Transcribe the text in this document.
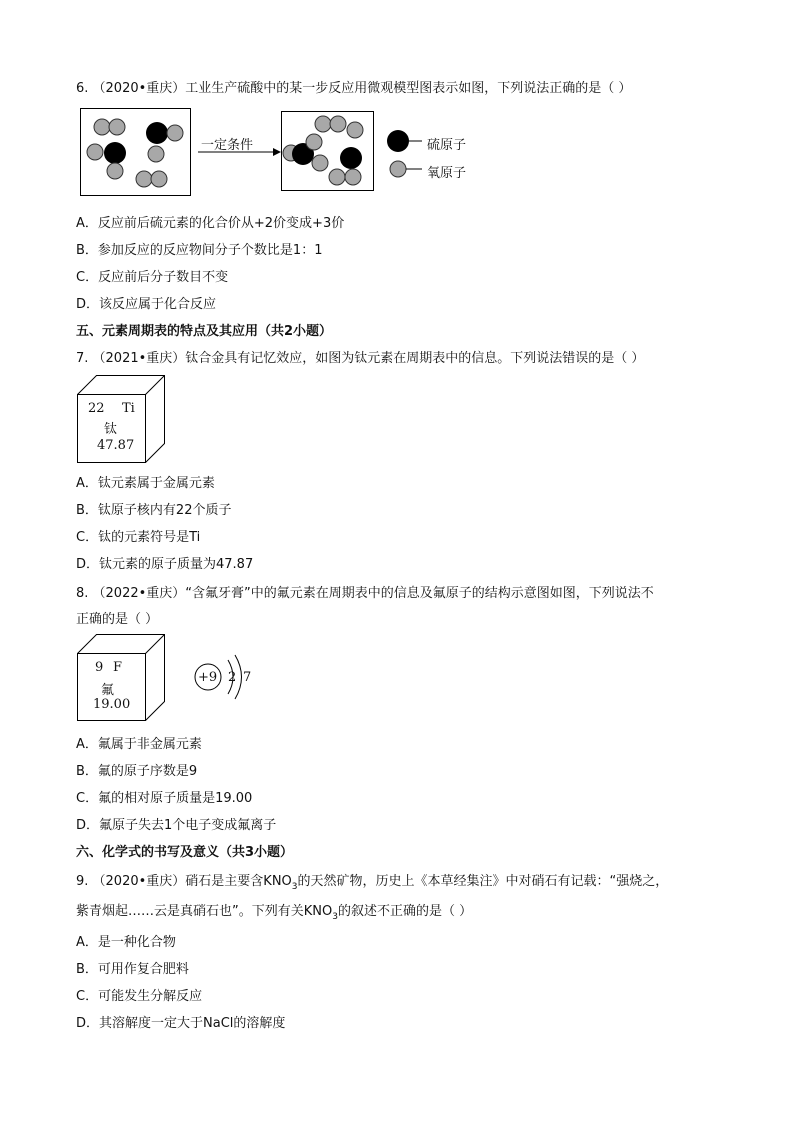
6. （2020•重庆）工业生产硫酸中的某一步反应用微观模型图表示如图，下列说法正确的是（ ）
一定条件	硫原子
氧原子
A．反应前后硫元素的化合价从+2价变成+3价
B．参加反应的反应物间分子个数比是1：1
C．反应前后分子数目不变
D．该反应属于化合反应
五、元素周期表的特点及其应用（共2小题）
7. （2021•重庆）钛合金具有记忆效应，如图为钛元素在周期表中的信息。下列说法错误的是（ ）
22 Ti
钛
47.87
A．钛元素属于金属元素
B．钛原子核内有22个质子
C．钛的元素符号是Ti
D．钛元素的原子质量为47.87
8. （2022•重庆）“含氟牙膏”中的氟元素在周期表中的信息及氟原子的结构示意图如图，下列说法不
正确的是（ ）
9 F
氟
19.00
+9 2 7
A．氟属于非金属元素
B．氟的原子序数是9
C．氟的相对原子质量是19.00
D．氟原子失去1个电子变成氟离子
六、化学式的书写及意义（共3小题）
9. （2020•重庆）硝石是主要含$KNO_3$的天然矿物，历史上《本草经集注》中对硝石有记载：“强烧之，
紫青烟起……云是真硝石也”。下列有关$KNO_3$的叙述不正确的是（ ）
A．是一种化合物
B．可用作复合肥料
C．可能发生分解反应
D．其溶解度一定大于NaCl的溶解度
